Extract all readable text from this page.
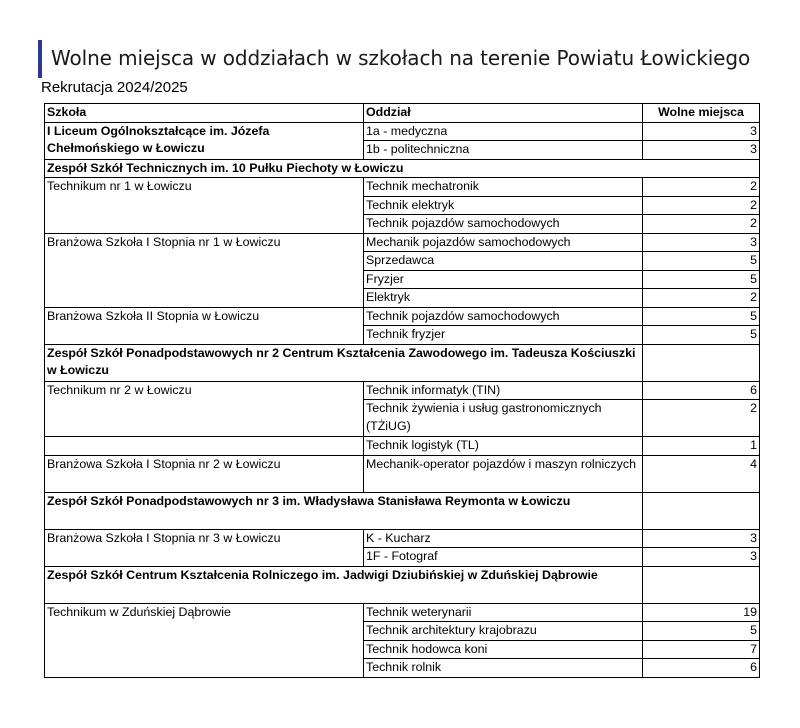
Wolne miejsca w oddziałach w szkołach na terenie Powiatu Łowickiego
Rekrutacja 2024/2025
Szkoła	Oddział	Wolne miejsca
I Liceum Ogólnokształcące im. Józefa Chełmońskiego w Łowiczu	1a - medyczna	3
	1b - politechniczna	3
Zespół Szkół Technicznych im. 10 Pułku Piechoty w Łowiczu		
Technikum nr 1 w Łowiczu	Technik mechatronik	2
	Technik elektryk	2
	Technik pojazdów samochodowych	2
Branżowa Szkoła I Stopnia nr 1 w Łowiczu	Mechanik pojazdów samochodowych	3
	Sprzedawca	5
	Fryzjer	5
	Elektryk	2
Branżowa Szkoła II Stopnia w Łowiczu	Technik pojazdów samochodowych	5
	Technik fryzjer	5
Zespół Szkół Ponadpodstawowych nr 2 Centrum Kształcenia Zawodowego im. Tadeusza Kościuszki w Łowiczu		
Technikum nr 2 w Łowiczu	Technik informatyk (TIN)	6
	Technik żywienia i usług gastronomicznych (TŻiUG)	2
	Technik logistyk (TL)	1
Branżowa Szkoła I Stopnia nr 2 w Łowiczu	Mechanik-operator pojazdów i maszyn rolniczych	4
Zespół Szkół Ponadpodstawowych nr 3 im. Władysława Stanisława Reymonta w Łowiczu		
Branżowa Szkoła I Stopnia nr 3 w Łowiczu	K - Kucharz	3
	1F - Fotograf	3
Zespół Szkół Centrum Kształcenia Rolniczego im. Jadwigi Dziubińskiej w Zduńskiej Dąbrowie		
Technikum w Zduńskiej Dąbrowie	Technik weterynarii	19
	Technik architektury krajobrazu	5
	Technik hodowca koni	7
	Technik rolnik	6
